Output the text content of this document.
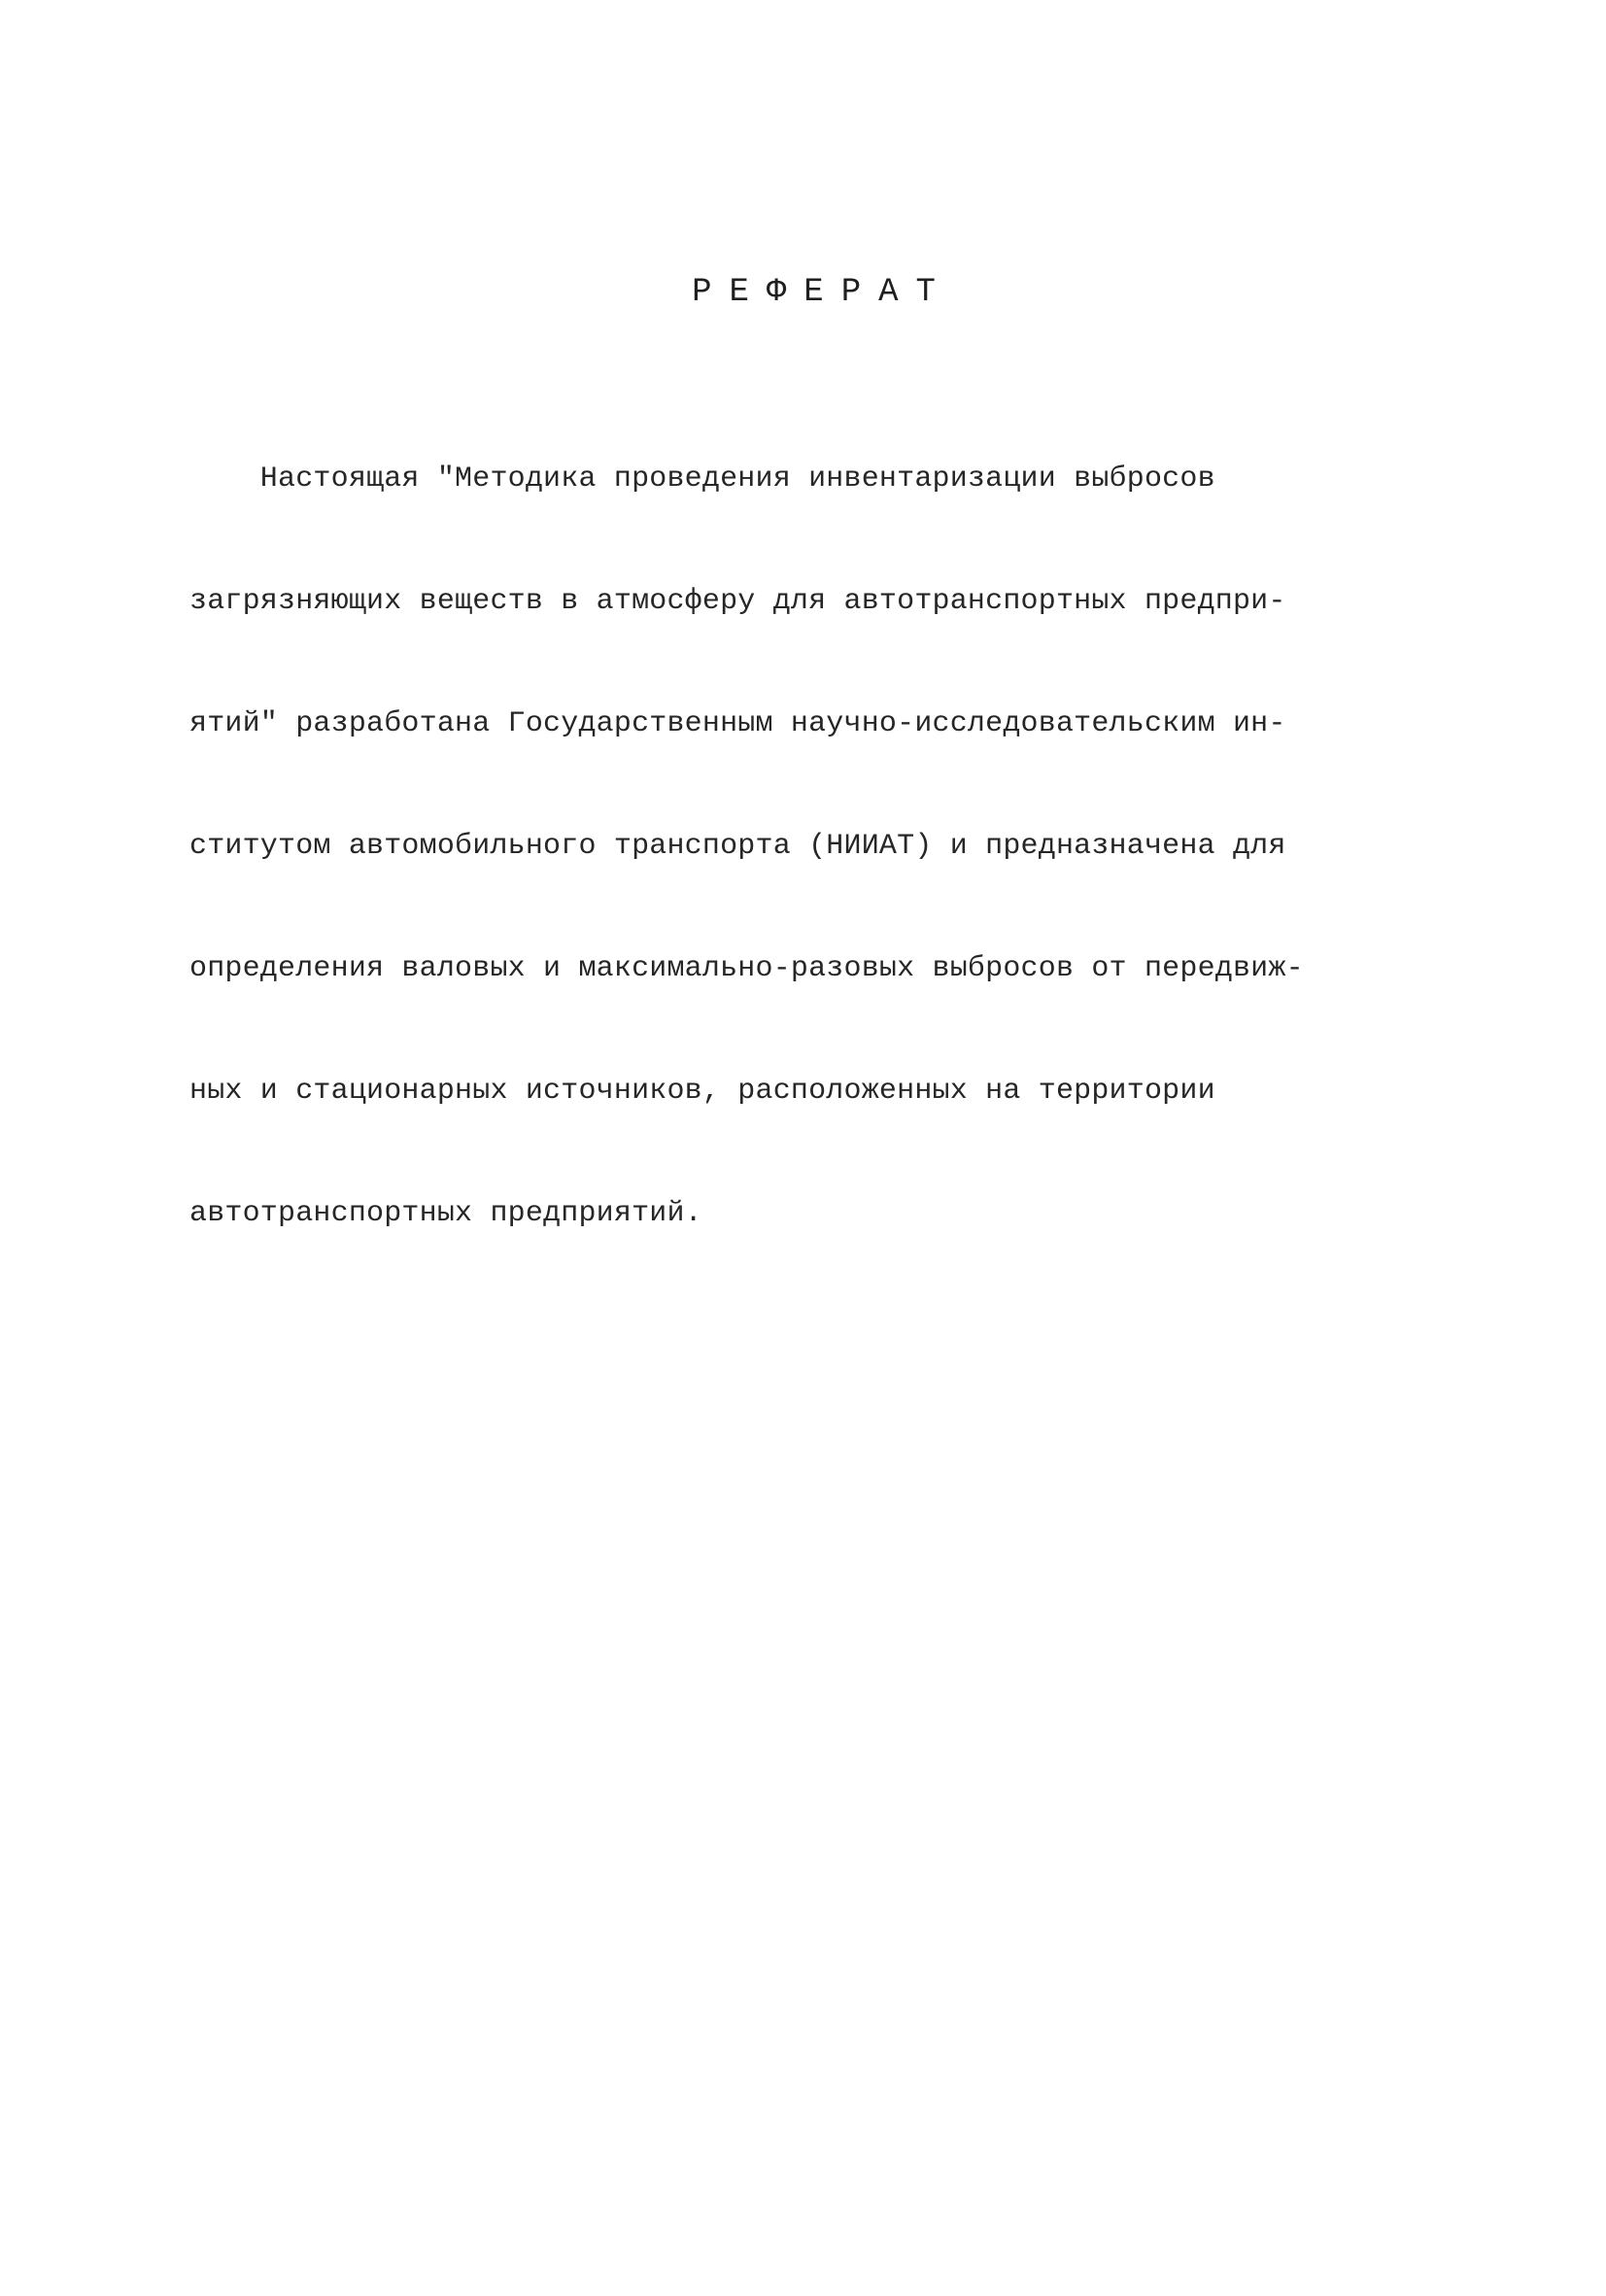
РЕФЕРАТ

Настоящая "Методика проведения инвентаризации выбросов

загрязняющих веществ в атмосферу для автотранспортных предпри-

ятий" разработана Государственным научно-исследовательским ин-

ститутом автомобильного транспорта (НИИАТ) и предназначена для

определения валовых и максимально-разовых выбросов от передвиж-

ных и стационарных источников, расположенных на территории

автотранспортных предприятий.
